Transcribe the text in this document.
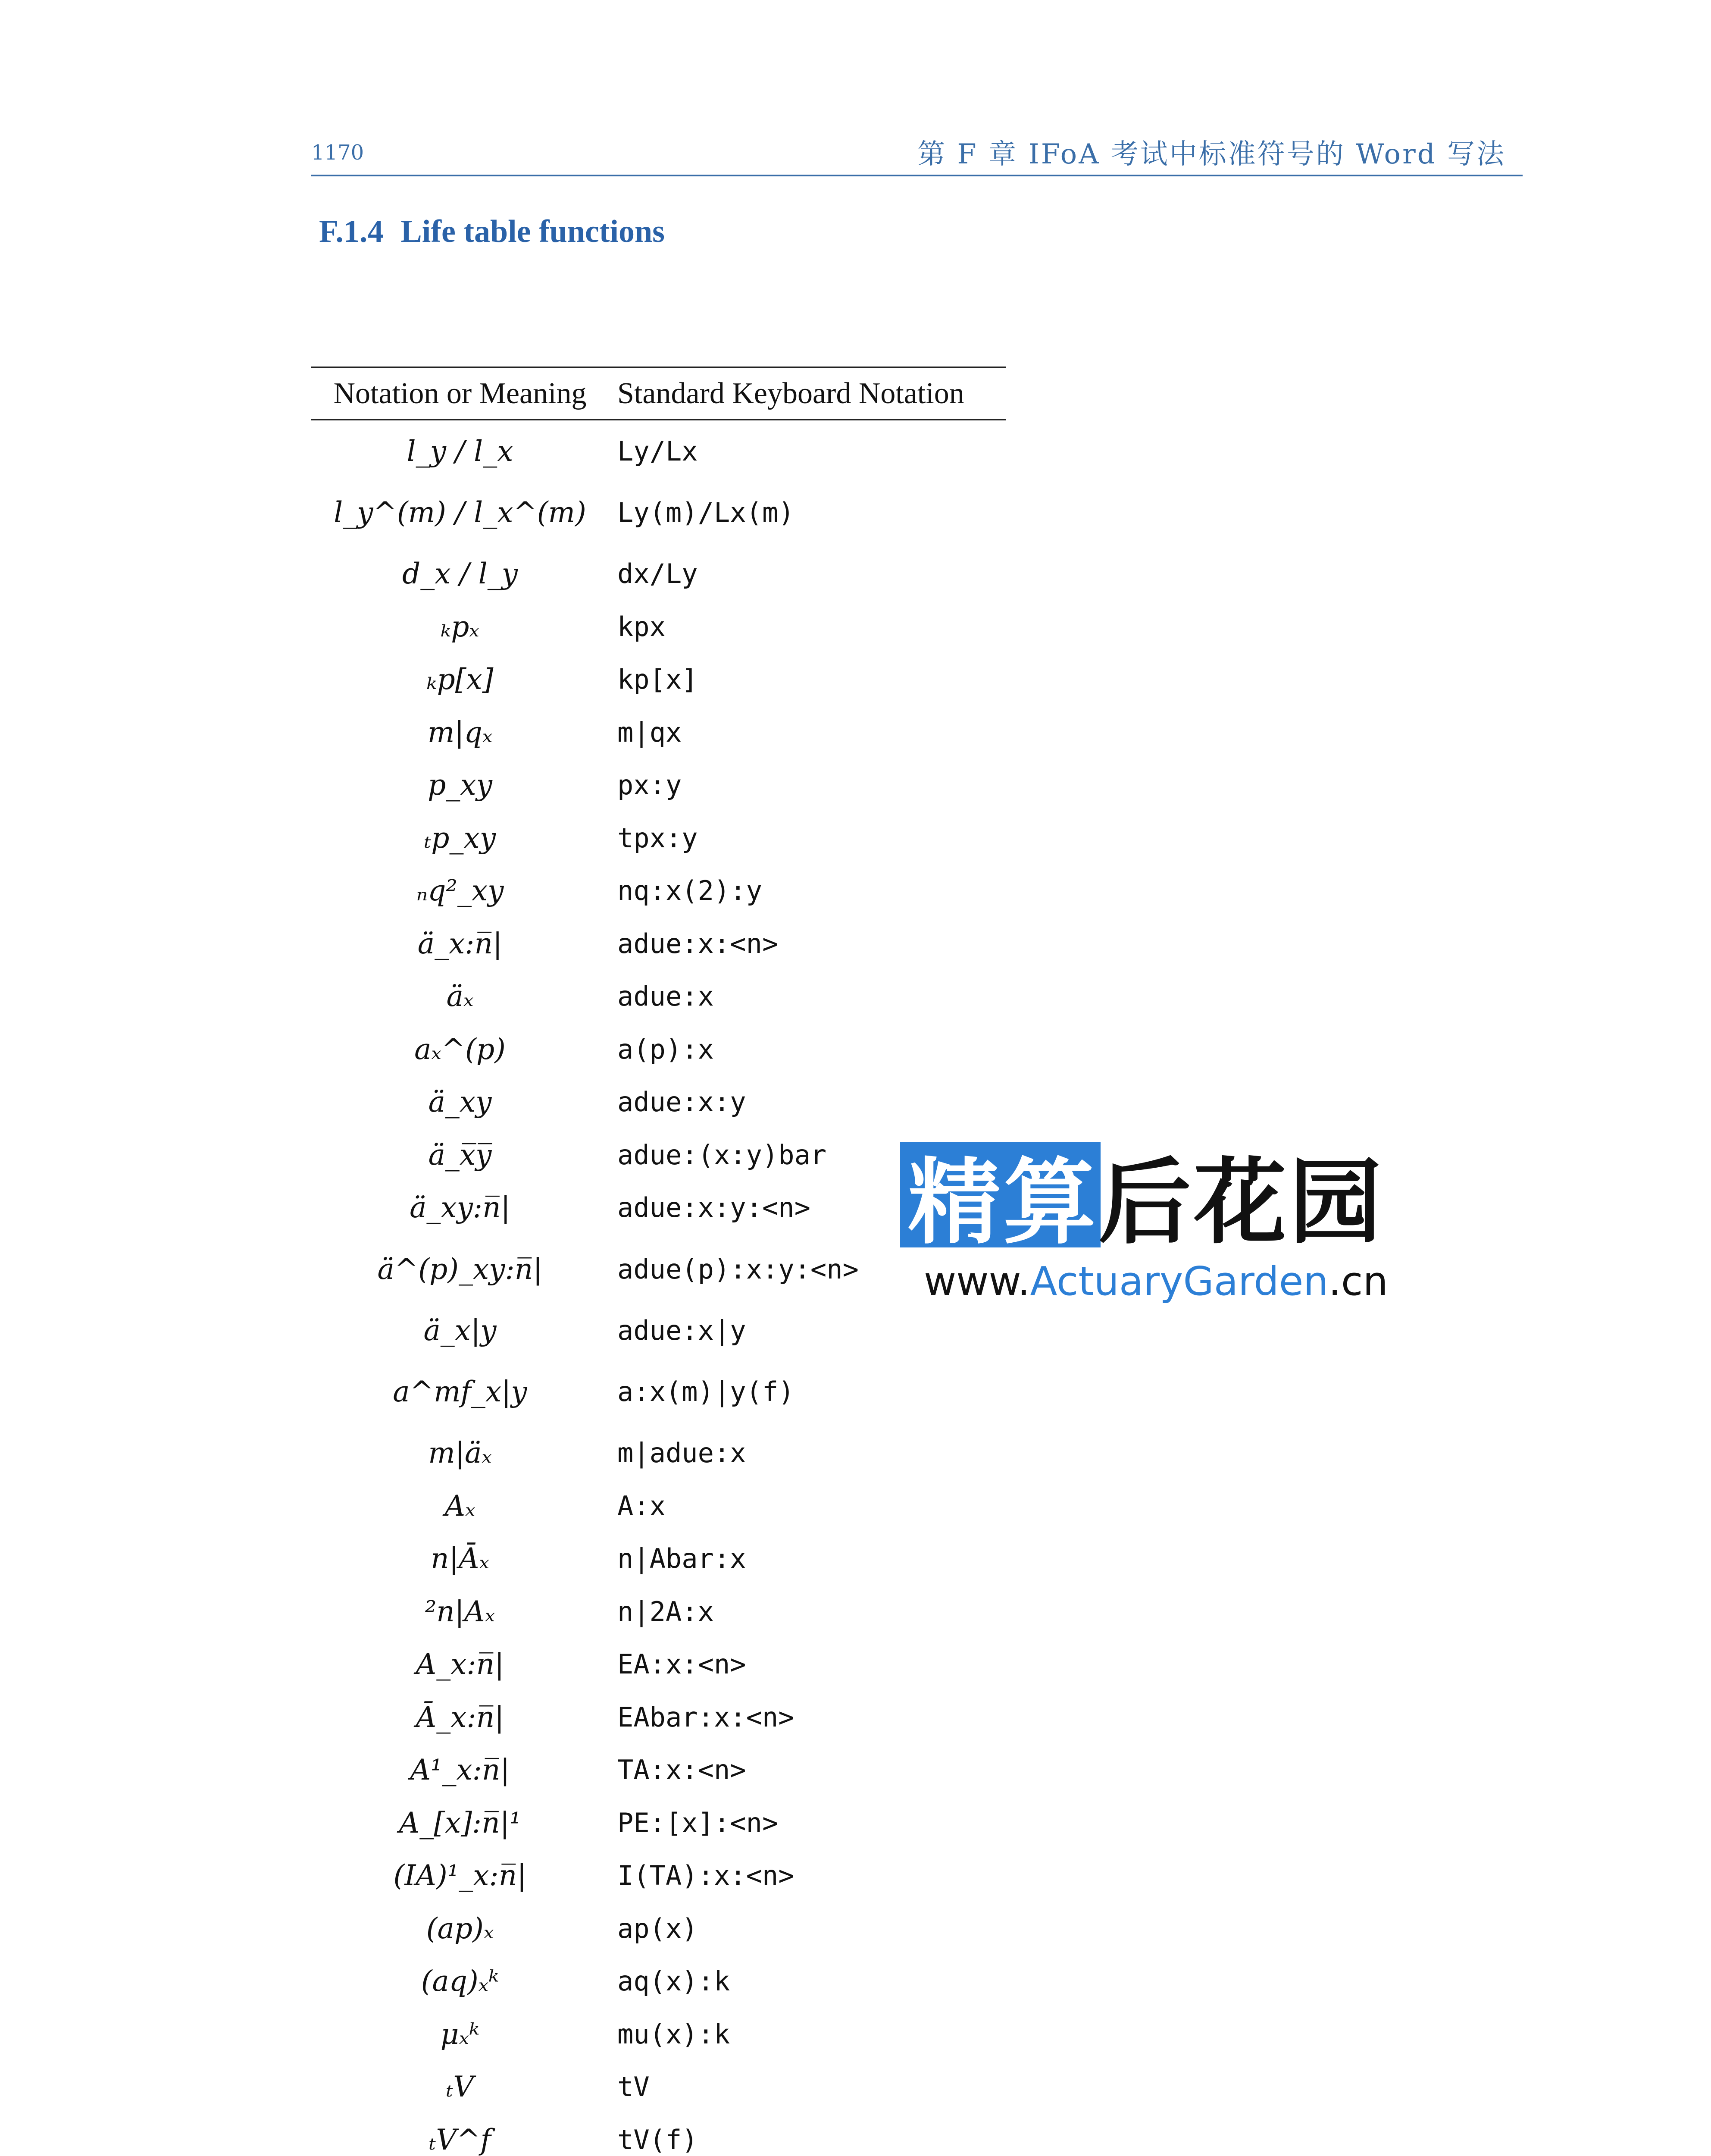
1170	第 F 章 IFoA 考试中标准符号的 Word 写法
F.1.4 Life table functions
Notation or Meaning	Standard Keyboard Notation
l_y / l_x	Ly/Lx
l_y^(m) / l_x^(m)	Ly(m)/Lx(m)
d_x / l_y	dx/Ly
ₖpₓ	kpx
ₖp[x]	kp[x]
m|qₓ	m|qx
p_xy	px:y
ₜp_xy	tpx:y
ₙq²_xy	nq:x(2):y
ä_x:n̅|	adue:x:<n>
äₓ	adue:x
aₓ^(p)	a(p):x
ä_xy	adue:x:y
ä_x̅y̅	adue:(x:y)bar
ä_xy:n̅|	adue:x:y:<n>
ä^(p)_xy:n̅|	adue(p):x:y:<n>
ä_x|y	adue:x|y
a^mf_x|y	a:x(m)|y(f)
m|äₓ	m|adue:x
Aₓ	A:x
n|Āₓ	n|Abar:x
²n|Aₓ	n|2A:x
A_x:n̅|	EA:x:<n>
Ā_x:n̅|	EAbar:x:<n>
A¹_x:n̅|	TA:x:<n>
A_[x]:n̅|¹	PE:[x]:<n>
(IA)¹_x:n̅|	I(TA):x:<n>
(ap)ₓ	ap(x)
(aq)ₓᵏ	aq(x):k
μₓᵏ	mu(x):k
ₜV	tV
ₜV^f	tV(f)
精算 后花园
www.ActuaryGarden.cn
